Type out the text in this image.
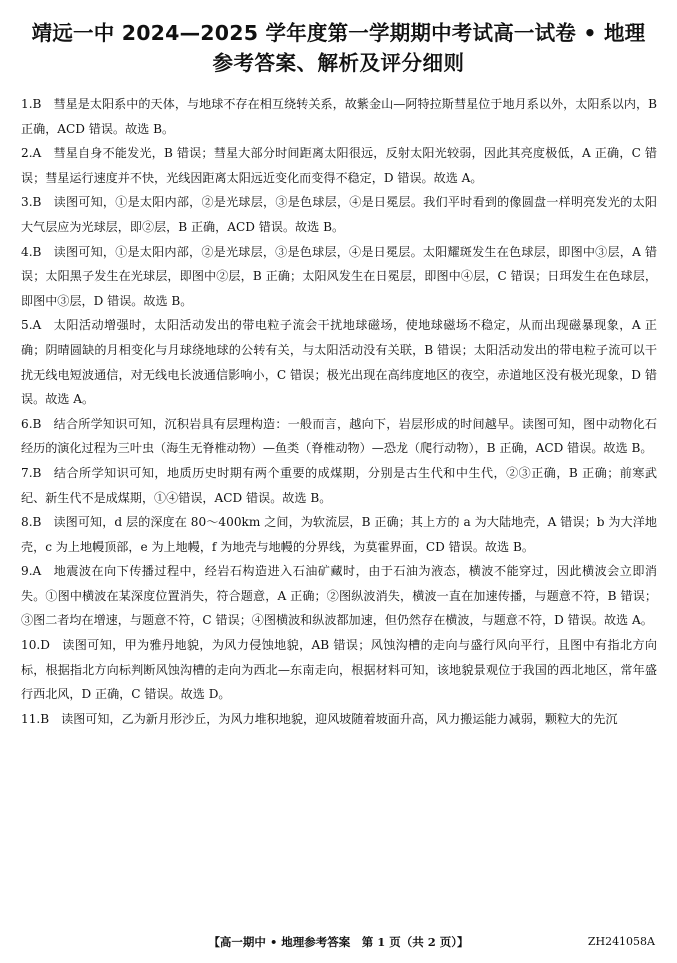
靖远一中 2024—2025 学年度第一学期期中考试高一试卷 • 地理
参考答案、解析及评分细则

1.B 彗星是太阳系中的天体，与地球不存在相互绕转关系，故紫金山—阿特拉斯彗星位于地月系以外，太阳系以内，B 正确，ACD 错误。故选 B。

2.A 彗星自身不能发光，B 错误；彗星大部分时间距离太阳很远，反射太阳光较弱，因此其亮度极低，A 正确，C 错误；彗星运行速度并不快，光线因距离太阳远近变化而变得不稳定，D 错误。故选 A。

3.B 读图可知，①是太阳内部，②是光球层，③是色球层，④是日冕层。我们平时看到的像圆盘一样明亮发光的太阳大气层应为光球层，即②层，B 正确，ACD 错误。故选 B。

4.B 读图可知，①是太阳内部，②是光球层，③是色球层，④是日冕层。太阳耀斑发生在色球层，即图中③层，A 错误；太阳黑子发生在光球层，即图中②层，B 正确；太阳风发生在日冕层，即图中④层，C 错误；日珥发生在色球层，即图中③层，D 错误。故选 B。

5.A 太阳活动增强时，太阳活动发出的带电粒子流会干扰地球磁场，使地球磁场不稳定，从而出现磁暴现象，A 正确；阴晴圆缺的月相变化与月球绕地球的公转有关，与太阳活动没有关联，B 错误；太阳活动发出的带电粒子流可以干扰无线电短波通信，对无线电长波通信影响小，C 错误；极光出现在高纬度地区的夜空，赤道地区没有极光现象，D 错误。故选 A。

6.B 结合所学知识可知，沉积岩具有层理构造：一般而言，越向下，岩层形成的时间越早。读图可知，图中动物化石经历的演化过程为三叶虫（海生无脊椎动物）—鱼类（脊椎动物）—恐龙（爬行动物），B 正确，ACD 错误。故选 B。

7.B 结合所学知识可知，地质历史时期有两个重要的成煤期，分别是古生代和中生代，②③正确，B 正确；前寒武纪、新生代不是成煤期，①④错误，ACD 错误。故选 B。

8.B 读图可知，d 层的深度在 80～400km 之间，为软流层，B 正确；其上方的 a 为大陆地壳，A 错误；b 为大洋地壳，c 为上地幔顶部，e 为上地幔，f 为地壳与地幔的分界线，为莫霍界面，CD 错误。故选 B。

9.A 地震波在向下传播过程中，经岩石构造进入石油矿藏时，由于石油为液态，横波不能穿过，因此横波会立即消失。①图中横波在某深度位置消失，符合题意，A 正确；②图纵波消失，横波一直在加速传播，与题意不符，B 错误；③图二者均在增速，与题意不符，C 错误；④图横波和纵波都加速，但仍然存在横波，与题意不符，D 错误。故选 A。

10.D 读图可知，甲为雅丹地貌，为风力侵蚀地貌，AB 错误；风蚀沟槽的走向与盛行风向平行，且图中有指北方向标，根据指北方向标判断风蚀沟槽的走向为西北—东南走向，根据材料可知，该地貌景观位于我国的西北地区，常年盛行西北风，D 正确，C 错误。故选 D。

11.B 读图可知，乙为新月形沙丘，为风力堆积地貌，迎风坡随着坡面升高，风力搬运能力减弱，颗粒大的先沉

【高一期中 • 地理参考答案　第 1 页（共 2 页）】	ZH241058A
